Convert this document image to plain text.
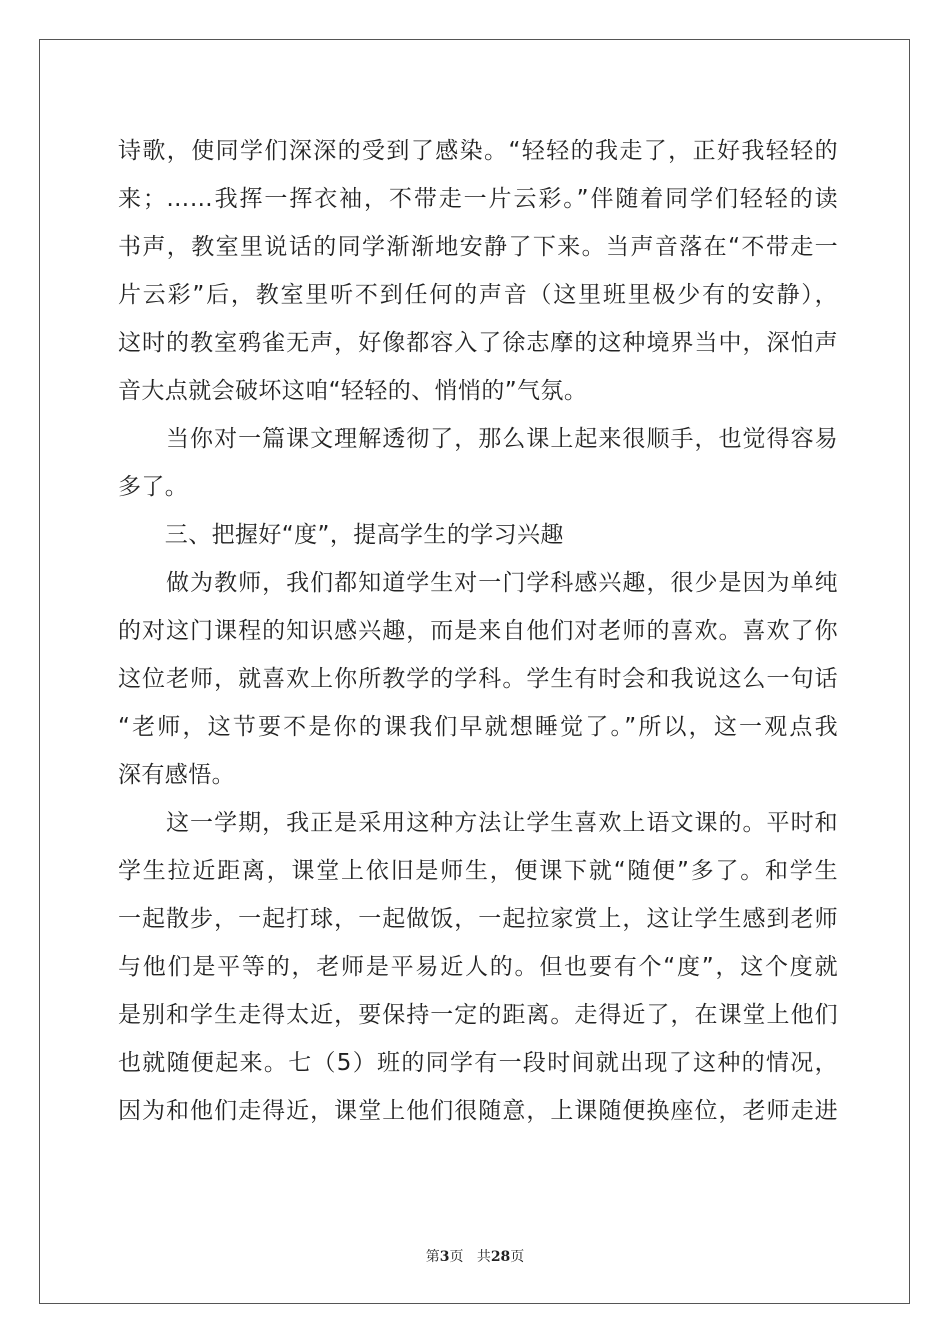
诗歌，使同学们深深的受到了感染。“轻轻的我走了，正好我轻轻的
来；……我挥一挥衣袖，不带走一片云彩。”伴随着同学们轻轻的读
书声，教室里说话的同学渐渐地安静了下来。当声音落在“不带走一
片云彩”后，教室里听不到任何的声音（这里班里极少有的安静），
这时的教室鸦雀无声，好像都容入了徐志摩的这种境界当中，深怕声
音大点就会破坏这咱“轻轻的、悄悄的”气氛。
　　当你对一篇课文理解透彻了，那么课上起来很顺手，也觉得容易
多了。
　　三、把握好“度”，提高学生的学习兴趣
　　做为教师，我们都知道学生对一门学科感兴趣，很少是因为单纯
的对这门课程的知识感兴趣，而是来自他们对老师的喜欢。喜欢了你
这位老师，就喜欢上你所教学的学科。学生有时会和我说这么一句话
“老师，这节要不是你的课我们早就想睡觉了。”所以，这一观点我
深有感悟。
　　这一学期，我正是采用这种方法让学生喜欢上语文课的。平时和
学生拉近距离，课堂上依旧是师生，便课下就“随便”多了。和学生
一起散步，一起打球，一起做饭，一起拉家赏上，这让学生感到老师
与他们是平等的，老师是平易近人的。但也要有个“度”，这个度就
是别和学生走得太近，要保持一定的距离。走得近了，在课堂上他们
也就随便起来。七（5）班的同学有一段时间就出现了这种的情况，
因为和他们走得近，课堂上他们很随意，上课随便换座位，老师走进
第3页 共28页
